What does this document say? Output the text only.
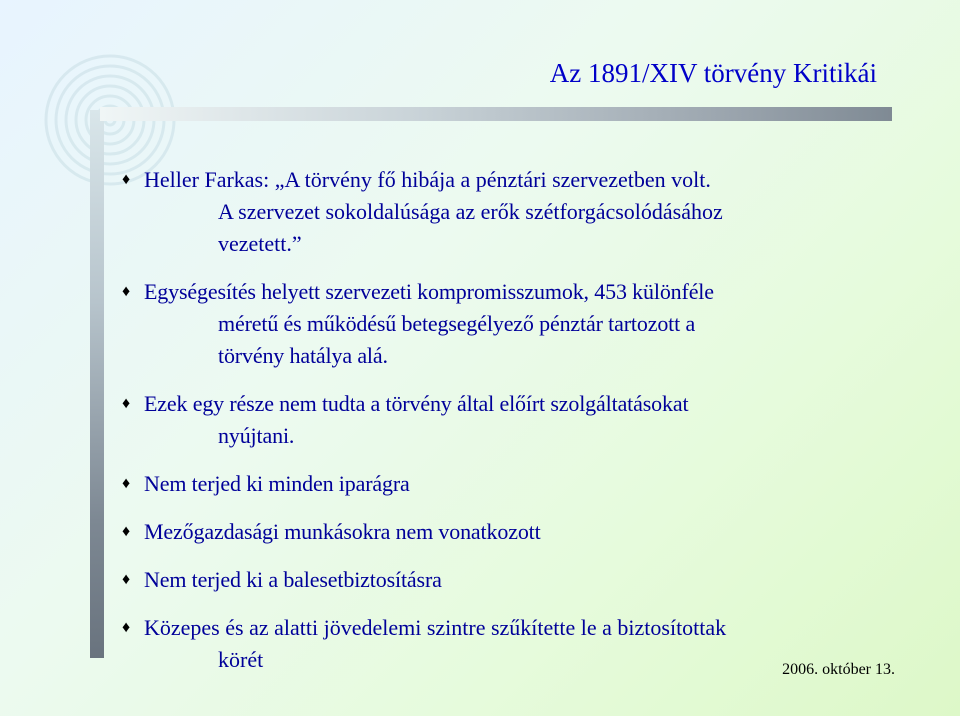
Az 1891/XIV törvény Kritikái
♦ Heller Farkas: „A törvény fő hibája a pénztári szervezetben volt.
A szervezet sokoldalúsága az erők szétforgácsolódásához
vezetett.”
♦ Egységesítés helyett szervezeti kompromisszumok, 453 különféle
méretű és működésű betegsegélyező pénztár tartozott a
törvény hatálya alá.
♦ Ezek egy része nem tudta a törvény által előírt szolgáltatásokat
nyújtani.
♦ Nem terjed ki minden iparágra
♦ Mezőgazdasági munkásokra nem vonatkozott
♦ Nem terjed ki a balesetbiztosításra
♦ Közepes és az alatti jövedelemi szintre szűkítette le a biztosítottak
körét	2006. október 13.
